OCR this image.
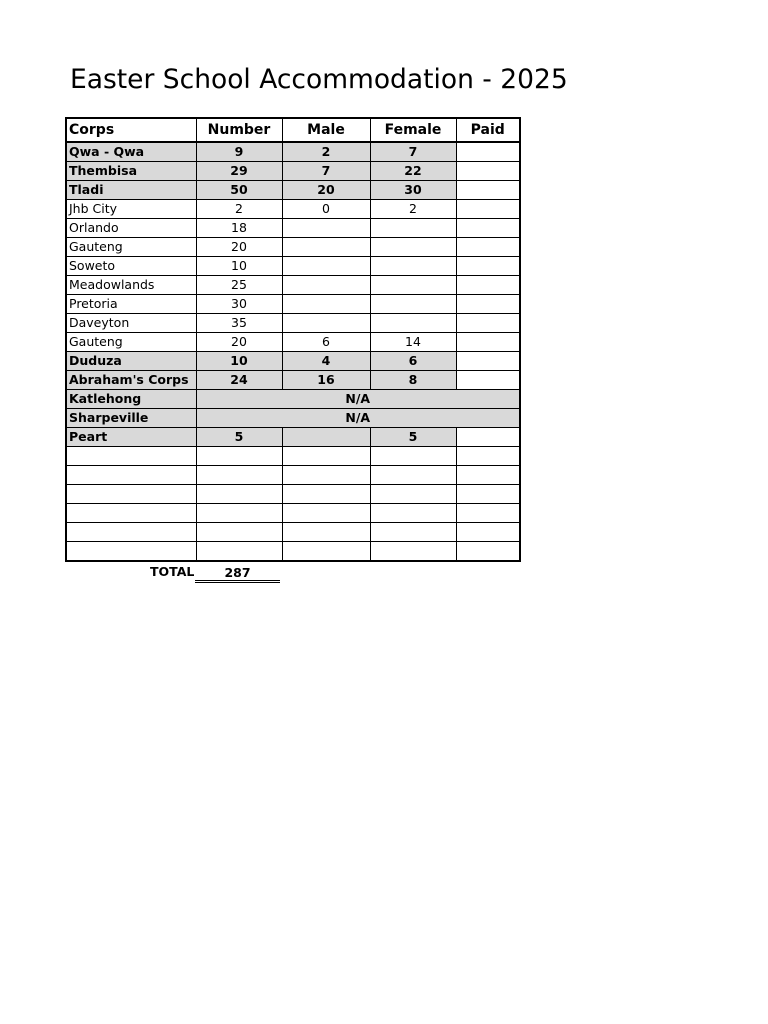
Easter School Accommodation - 2025
Corps	Number	Male	Female	Paid
Qwa - Qwa	9	2	7	
Thembisa	29	7	22	
Tladi	50	20	30	
Jhb City	2	0	2	
Orlando	18			
Gauteng	20			
Soweto	10			
Meadowlands	25			
Pretoria	30			
Daveyton	35			
Gauteng	20	6	14	
Duduza	10	4	6	
Abraham's Corps	24	16	8	
Katlehong	N/A			
Sharpeville	N/A			
Peart	5		5	

TOTAL	287
